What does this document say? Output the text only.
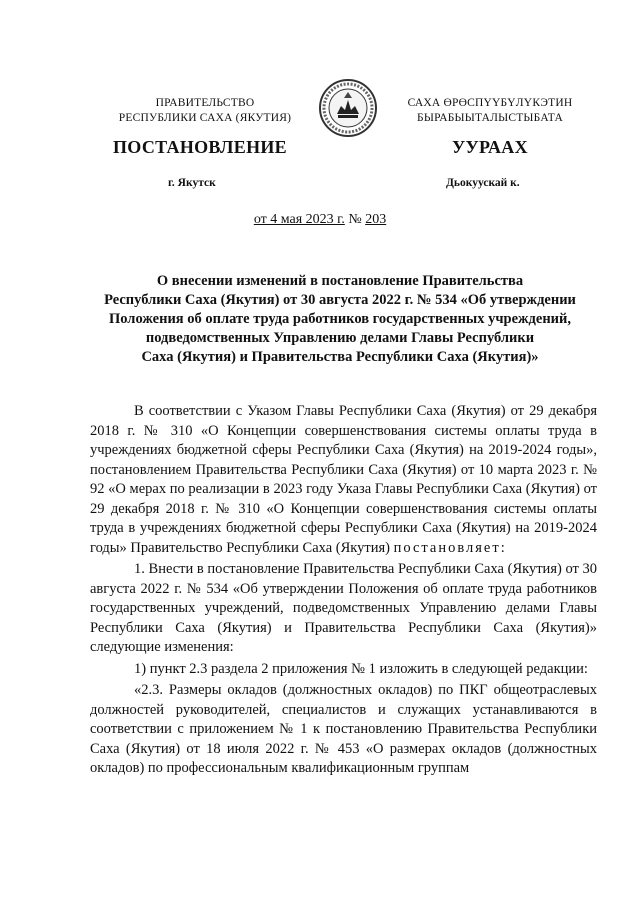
ПРАВИТЕЛЬСТВО
РЕСПУБЛИКИ САХА (ЯКУТИЯ)
САХА ӨРӨСПҮҮБҮЛҮКЭТИН
БЫРАБЫЫТАЛЫСТЫБАТА
ПОСТАНОВЛЕНИЕ	УУРААХ
г. Якутск	Дьокуускай к.
от 4 мая 2023 г. № 203
О внесении изменений в постановление Правительства
Республики Саха (Якутия) от 30 августа 2022 г. № 534 «Об утверждении
Положения об оплате труда работников государственных учреждений,
подведомственных Управлению делами Главы Республики
Саха (Якутия) и Правительства Республики Саха (Якутия)»

В соответствии с Указом Главы Республики Саха (Якутия) от 29 декабря 2018 г. № 310 «О Концепции совершенствования системы оплаты труда в учреждениях бюджетной сферы Республики Саха (Якутия) на 2019-2024 годы», постановлением Правительства Республики Саха (Якутия) от 10 марта 2023 г. № 92 «О мерах по реализации в 2023 году Указа Главы Республики Саха (Якутия) от 29 декабря 2018 г. № 310 «О Концепции совершенствования системы оплаты труда в учреждениях бюджетной сферы Республики Саха (Якутия) на 2019-2024 годы» Правительство Республики Саха (Якутия) постановляет:

1. Внести в постановление Правительства Республики Саха (Якутия) от 30 августа 2022 г. № 534 «Об утверждении Положения об оплате труда работников государственных учреждений, подведомственных Управлению делами Главы Республики Саха (Якутия) и Правительства Республики Саха (Якутия)» следующие изменения:

1) пункт 2.3 раздела 2 приложения № 1 изложить в следующей редакции:

«2.3. Размеры окладов (должностных окладов) по ПКГ общеотраслевых должностей руководителей, специалистов и служащих устанавливаются в соответствии с приложением № 1 к постановлению Правительства Республики Саха (Якутия) от 18 июля 2022 г. № 453 «О размерах окладов (должностных окладов) по профессиональным квалификационным группам
